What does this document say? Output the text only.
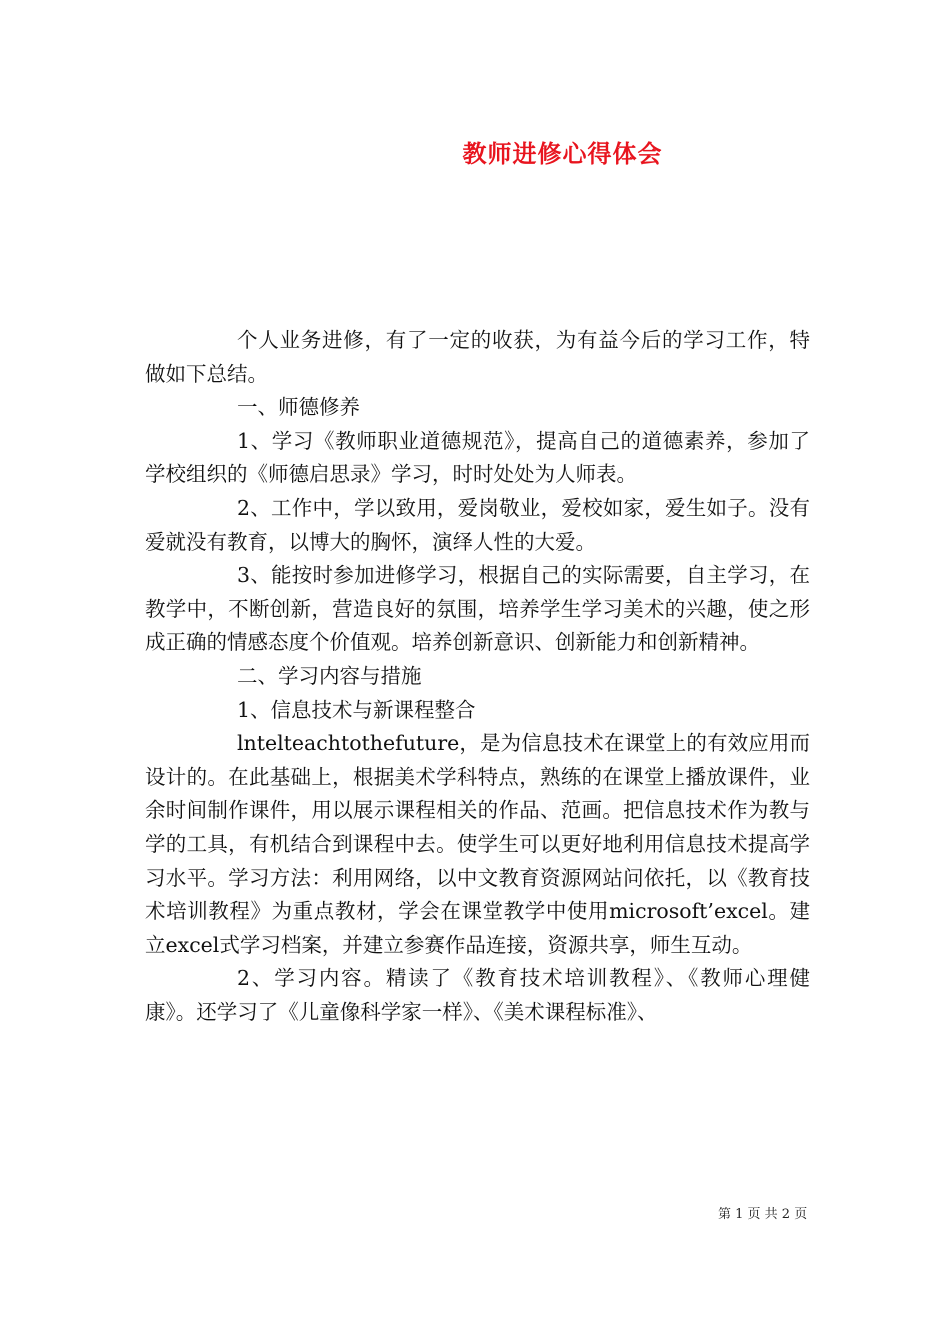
教师进修心得体会

个人业务进修，有了一定的收获，为有益今后的学习工作，特做如下总结。

一、师德修养

1、学习《教师职业道德规范》，提高自己的道德素养，参加了学校组织的《师德启思录》学习，时时处处为人师表。

2、工作中，学以致用，爱岗敬业，爱校如家，爱生如子。没有爱就没有教育，以博大的胸怀，演绎人性的大爱。

3、能按时参加进修学习，根据自己的实际需要，自主学习，在教学中，不断创新，营造良好的氛围，培养学生学习美术的兴趣，使之形成正确的情感态度个价值观。培养创新意识、创新能力和创新精神。

二、学习内容与措施

1、信息技术与新课程整合

lntelteachtothefuture，是为信息技术在课堂上的有效应用而设计的。在此基础上，根据美术学科特点，熟练的在课堂上播放课件，业余时间制作课件，用以展示课程相关的作品、范画。把信息技术作为教与学的工具，有机结合到课程中去。使学生可以更好地利用信息技术提高学习水平。学习方法：利用网络，以中文教育资源网站问依托，以《教育技术培训教程》为重点教材，学会在课堂教学中使用microsoft’excel。建立excel式学习档案，并建立参赛作品连接，资源共享，师生互动。

2、学习内容。精读了《教育技术培训教程》、《教师心理健康》。还学习了《儿童像科学家一样》、《美术课程标准》、

第 1 页 共 2 页
